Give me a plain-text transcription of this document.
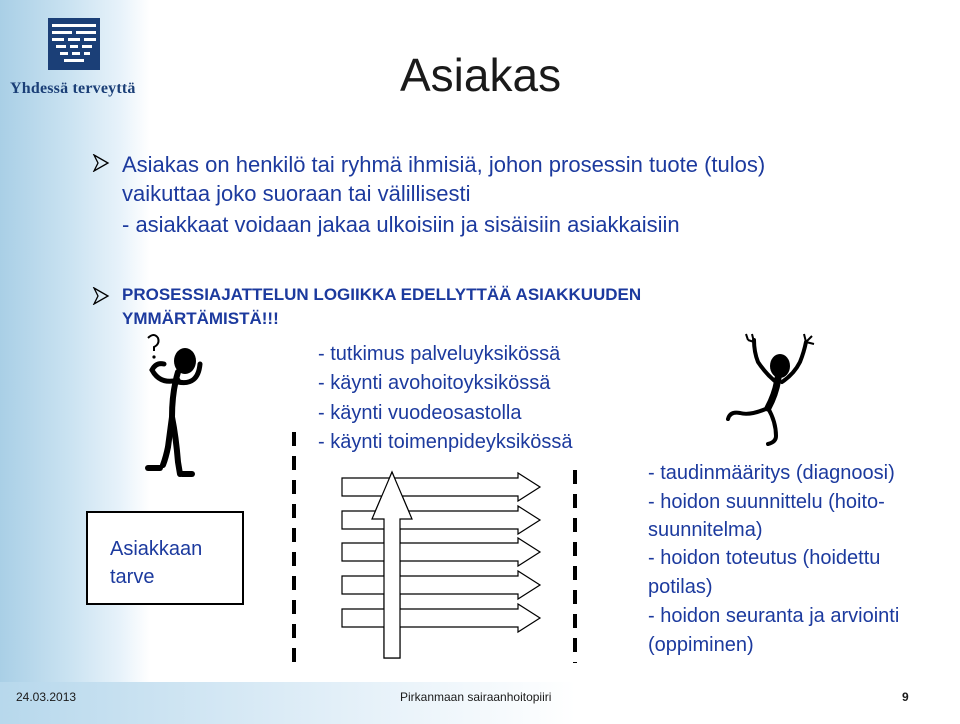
Yhdessä terveyttä	Asiakas
Asiakas on henkilö tai ryhmä ihmisiä, johon prosessin tuote (tulos)
vaikuttaa joko suoraan tai välillisesti
- asiakkaat voidaan jakaa ulkoisiin ja sisäisiin asiakkaisiin
PROSESSIAJATTELUN LOGIIKKA EDELLYTTÄÄ ASIAKKUUDEN
YMMÄRTÄMISTÄ!!!
- tutkimus palveluyksikössä
- käynti avohoitoyksikössä
- käynti vuodeosastolla
- käynti toimenpideyksikössä
- taudinmääritys (diagnoosi)
- hoidon suunnittelu (hoito-
suunnitelma)
- hoidon toteutus (hoidettu
potilas)
- hoidon seuranta ja arviointi
(oppiminen)
Asiakkaan
tarve
24.03.2013	Pirkanmaan sairaanhoitopiiri	9
